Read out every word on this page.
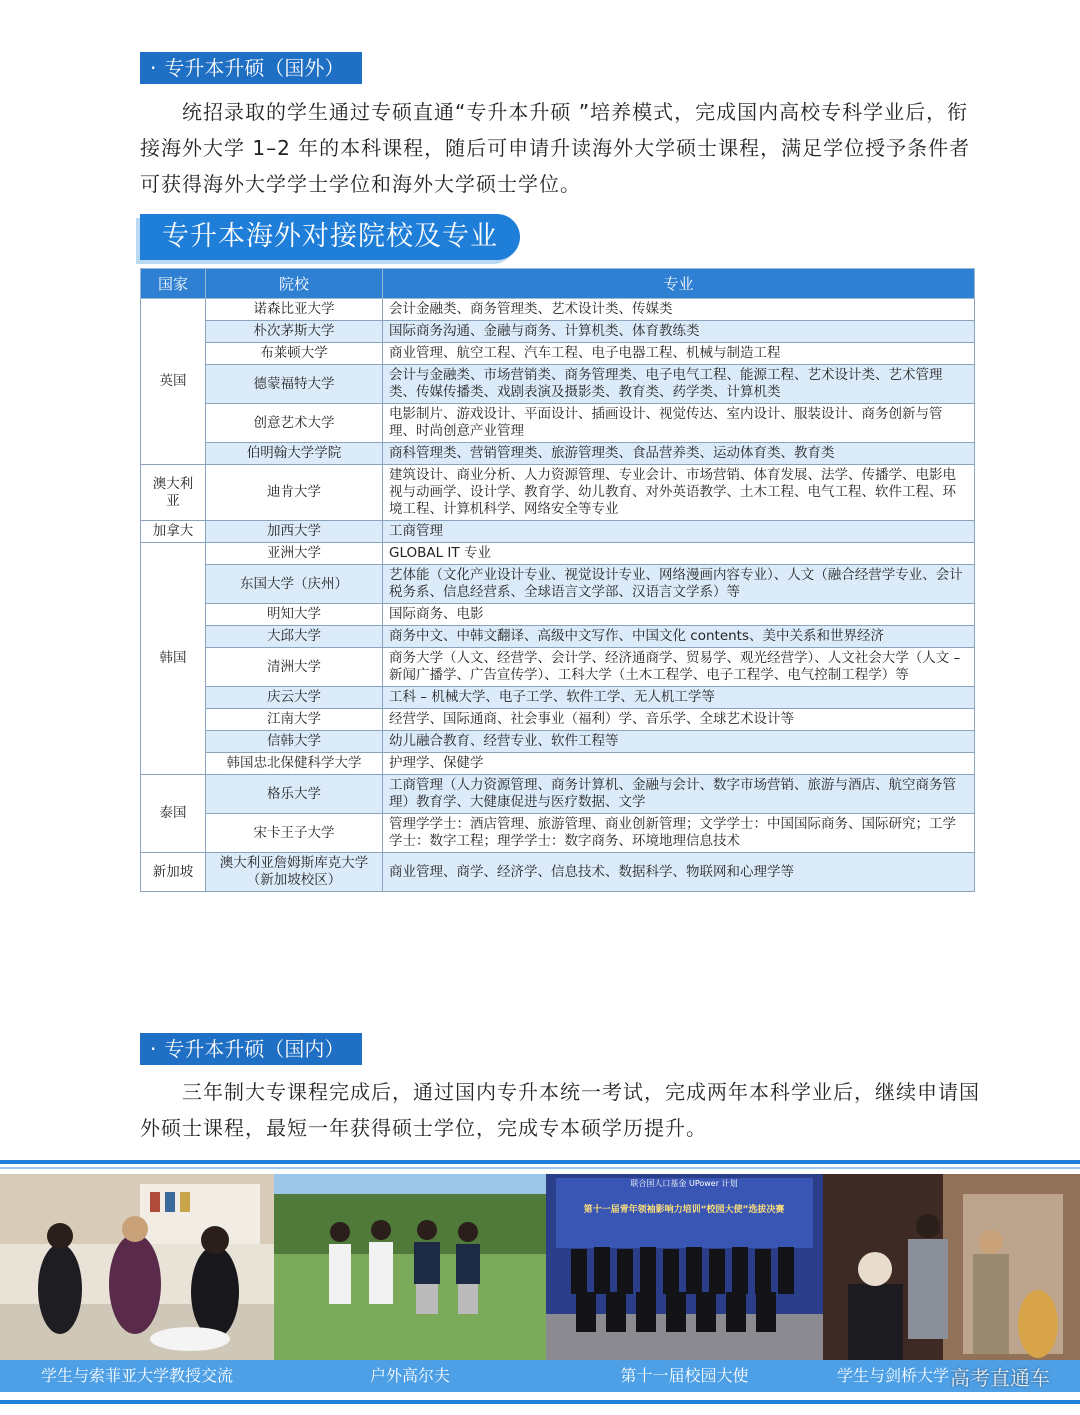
· 专升本升硕（国外）

统招录取的学生通过专硕直通“专升本升硕 ”培养模式，完成国内高校专科学业后，衔接海外大学 1–2 年的本科课程，随后可申请升读海外大学硕士课程，满足学位授予条件者可获得海外大学学士学位和海外大学硕士学位。

专升本海外对接院校及专业
国家	院校	专业
英国	诺森比亚大学	会计金融类、商务管理类、艺术设计类、传媒类
	朴次茅斯大学	国际商务沟通、金融与商务、计算机类、体育教练类
	布莱顿大学	商业管理、航空工程、汽车工程、电子电器工程、机械与制造工程
	德蒙福特大学	会计与金融类、市场营销类、商务管理类、电子电气工程、能源工程、艺术设计类、艺术管理类、传媒传播类、戏剧表演及摄影类、教育类、药学类、计算机类
	创意艺术大学	电影制片、游戏设计、平面设计、插画设计、视觉传达、室内设计、服装设计、商务创新与管理、时尚创意产业管理
	伯明翰大学学院	商科管理类、营销管理类、旅游管理类、食品营养类、运动体育类、教育类
澳大利亚	迪肯大学	建筑设计、商业分析、人力资源管理、专业会计、市场营销、体育发展、法学、传播学、电影电视与动画学、设计学、教育学、幼儿教育、对外英语教学、土木工程、电气工程、软件工程、环境工程、计算机科学、网络安全等专业
加拿大	加西大学	工商管理
韩国	亚洲大学	GLOBAL IT 专业
	东国大学（庆州）	艺体能（文化产业设计专业、视觉设计专业、网络漫画内容专业）、人文（融合经营学专业、会计税务系、信息经营系、全球语言文学部、汉语言文学系）等
	明知大学	国际商务、电影
	大邱大学	商务中文、中韩文翻译、高级中文写作、中国文化 contents、美中关系和世界经济
	清洲大学	商务大学（人文、经营学、会计学、经济通商学、贸易学、观光经营学）、人文社会大学（人文 – 新闻广播学、广告宣传学）、工科大学（土木工程学、电子工程学、电气控制工程学）等
	庆云大学	工科 – 机械大学、电子工学、软件工学、无人机工学等
	江南大学	经营学、国际通商、社会事业（福利）学、音乐学、全球艺术设计等
	信韩大学	幼儿融合教育、经营专业、软件工程等
	韩国忠北保健科学大学	护理学、保健学
泰国	格乐大学	工商管理（人力资源管理、商务计算机、金融与会计、数字市场营销、旅游与酒店、航空商务管理）教育学、大健康促进与医疗数据、文学
	宋卡王子大学	管理学学士：酒店管理、旅游管理、商业创新管理；文学学士：中国国际商务、国际研究；工学学士：数字工程；理学学士：数字商务、环境地理信息技术
新加坡	澳大利亚詹姆斯库克大学（新加坡校区）	商业管理、商学、经济学、信息技术、数据科学、物联网和心理学等
· 专升本升硕（国内）

三年制大专课程完成后，通过国内专升本统一考试，完成两年本科学业后，继续申请国外硕士课程，最短一年获得硕士学位，完成专本硕学历提升。

联合国人口基金 UPower 计划
第十一届青年领袖影响力培训“校园大使”选拔决赛
学生与索菲亚大学教授交流	户外高尔夫	第十一届校园大使	学生与剑桥大学 高考直通车
